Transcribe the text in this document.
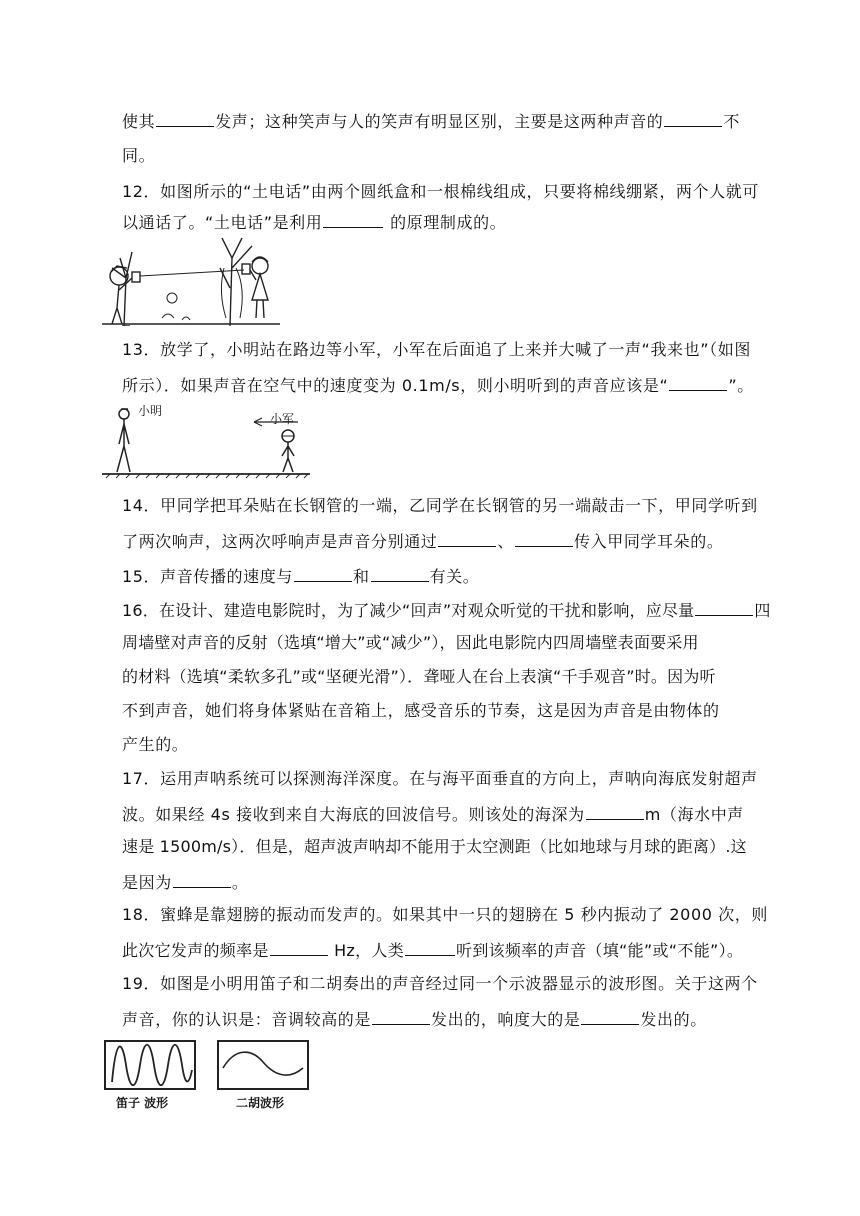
使其	发声；这种笑声与人的笑声有明显区别，主要是这两种声音的	不
同。
12．如图所示的“土电话”由两个圆纸盒和一根棉线组成，只要将棉线绷紧，两个人就可
以通话了。“土电话”是利用	的原理制成的。
13．放学了，小明站在路边等小军，小军在后面追了上来并大喊了一声“我来也”（如图
所示）．如果声音在空气中的速度变为 0.1m/s，则小明听到的声音应该是“	”。
小明
小军
14．甲同学把耳朵贴在长钢管的一端，乙同学在长钢管的另一端敲击一下，甲同学听到
了两次响声，这两次呼响声是声音分别通过	、	传入甲同学耳朵的。
15．声音传播的速度与	和	有关。
16．在设计、建造电影院时，为了减少“回声”对观众听觉的干扰和影响，应尽量	四
周墙壁对声音的反射（选填“增大”或“减少”），因此电影院内四周墙壁表面要采用
的材料（选填“柔软多孔”或“坚硬光滑”）．聋哑人在台上表演“千手观音”时。因为听
不到声音，她们将身体紧贴在音箱上，感受音乐的节奏，这是因为声音是由物体的
产生的。
17．运用声呐系统可以探测海洋深度。在与海平面垂直的方向上，声呐向海底发射超声
波。如果经 4s 接收到来自大海底的回波信号。则该处的海深为	m（海水中声
速是 1500m/s）．但是，超声波声呐却不能用于太空测距（比如地球与月球的距离）.这
是因为	。
18．蜜蜂是靠翅膀的振动而发声的。如果其中一只的翅膀在 5 秒内振动了 2000 次，则
此次它发声的频率是	Hz，人类	听到该频率的声音（填“能”或“不能”）。
19．如图是小明用笛子和二胡奏出的声音经过同一个示波器显示的波形图。关于这两个
声音，你的认识是：音调较高的是	发出的，响度大的是	发出的。
笛子 波形	二胡波形
